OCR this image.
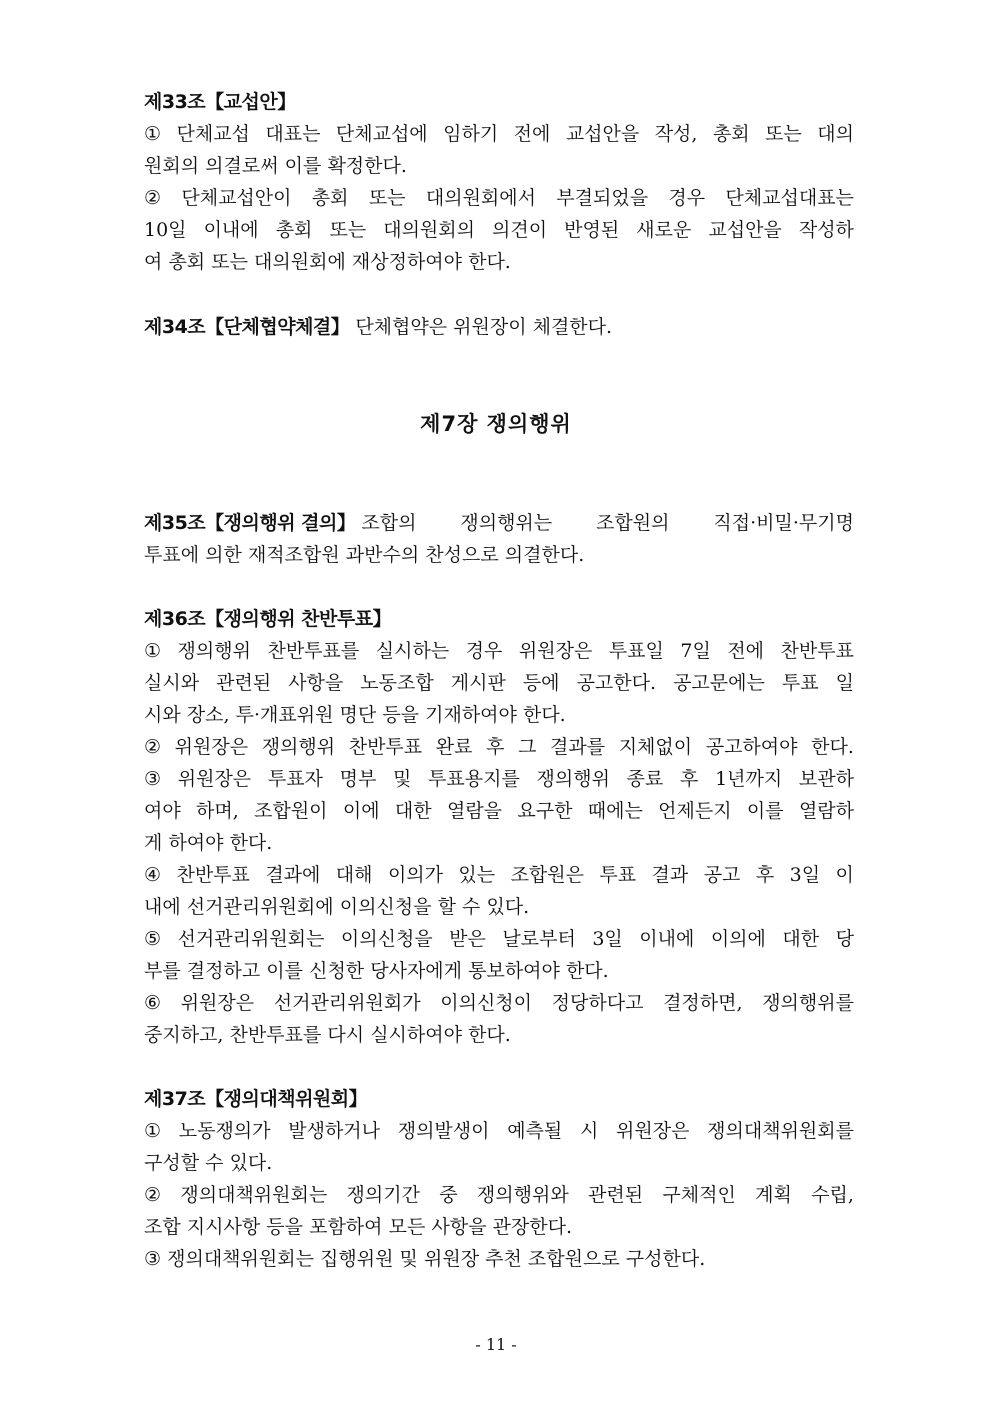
제33조【교섭안】
① 단체교섭 대표는 단체교섭에 임하기 전에 교섭안을 작성, 총회 또는 대의
원회의 의결로써 이를 확정한다.
② 단체교섭안이 총회 또는 대의원회에서 부결되었을 경우 단체교섭대표는
10일 이내에 총회 또는 대의원회의 의견이 반영된 새로운 교섭안을 작성하
여 총회 또는 대의원회에 재상정하여야 한다.
제34조【단체협약체결】 단체협약은 위원장이 체결한다.
제7장 쟁의행위
제35조【쟁의행위 결의】 조합의 쟁의행위는 조합원의 직접·비밀·무기명
투표에 의한 재적조합원 과반수의 찬성으로 의결한다.
제36조【쟁의행위 찬반투표】
① 쟁의행위 찬반투표를 실시하는 경우 위원장은 투표일 7일 전에 찬반투표
실시와 관련된 사항을 노동조합 게시판 등에 공고한다. 공고문에는 투표 일
시와 장소, 투·개표위원 명단 등을 기재하여야 한다.
② 위원장은 쟁의행위 찬반투표 완료 후 그 결과를 지체없이 공고하여야 한다.
③ 위원장은 투표자 명부 및 투표용지를 쟁의행위 종료 후 1년까지 보관하
여야 하며, 조합원이 이에 대한 열람을 요구한 때에는 언제든지 이를 열람하
게 하여야 한다.
④ 찬반투표 결과에 대해 이의가 있는 조합원은 투표 결과 공고 후 3일 이
내에 선거관리위원회에 이의신청을 할 수 있다.
⑤ 선거관리위원회는 이의신청을 받은 날로부터 3일 이내에 이의에 대한 당
부를 결정하고 이를 신청한 당사자에게 통보하여야 한다.
⑥ 위원장은 선거관리위원회가 이의신청이 정당하다고 결정하면, 쟁의행위를
중지하고, 찬반투표를 다시 실시하여야 한다.
제37조【쟁의대책위원회】
① 노동쟁의가 발생하거나 쟁의발생이 예측될 시 위원장은 쟁의대책위원회를
구성할 수 있다.
② 쟁의대책위원회는 쟁의기간 중 쟁의행위와 관련된 구체적인 계획 수립,
조합 지시사항 등을 포함하여 모든 사항을 관장한다.
③ 쟁의대책위원회는 집행위원 및 위원장 추천 조합원으로 구성한다.
- 11 -
